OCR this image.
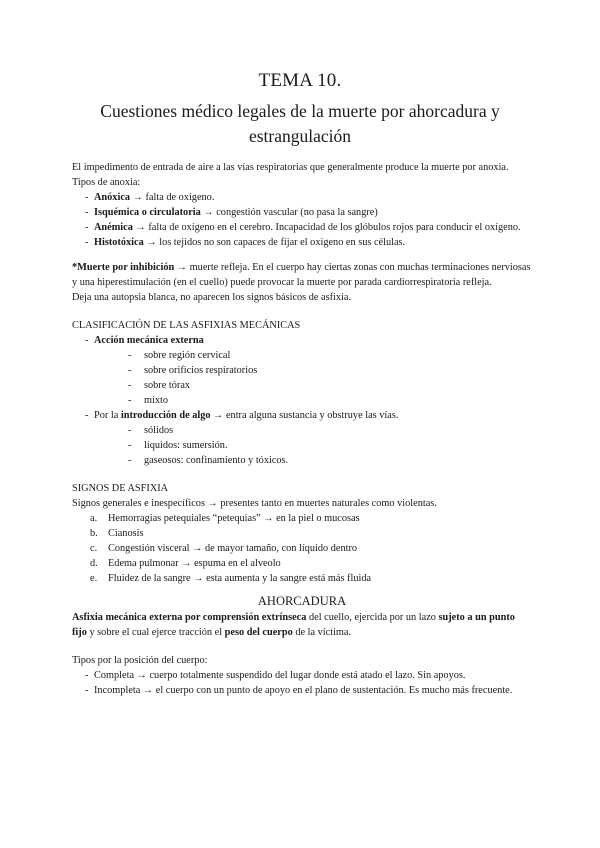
TEMA 10.
Cuestiones médico legales de la muerte por ahorcadura y estrangulación

El impedimento de entrada de aire a las vías respiratorias que generalmente produce la muerte por anoxia. Tipos de anoxia:

- Anóxica → falta de oxígeno.
- Isquémica o circulatoria → congestión vascular (no pasa la sangre)
- Anémica → falta de oxígeno en el cerebro. Incapacidad de los glóbulos rojos para conducir el oxígeno.
- Histotóxica → los tejidos no son capaces de fijar el oxígeno en sus células.

*Muerte por inhibición → muerte refleja. En el cuerpo hay ciertas zonas con muchas terminaciones nerviosas y una hiperestimulación (en el cuello) puede provocar la muerte por parada cardiorrespiratoria refleja.

Deja una autopsia blanca, no aparecen los signos básicos de asfixia.

CLASIFICACIÓN DE LAS ASFIXIAS MECÁNICAS

- Acción mecánica externa
- sobre región cervical
- sobre orificios respiratorios
- sobre tórax
- mixto
- Por la introducción de algo → entra alguna sustancia y obstruye las vías.
- sólidos
- líquidos: sumersión.
- gaseosos: confinamiento y tóxicos.

SIGNOS DE ASFIXIA

Signos generales e inespecíficos → presentes tanto en muertes naturales como violentas.

a. Hemorragias petequiales “petequias” → en la piel o mucosas
b. Cianosis
c. Congestión visceral → de mayor tamaño, con líquido dentro
d. Edema pulmonar → espuma en el alveolo
e. Fluidez de la sangre → esta aumenta y la sangre está más fluida
AHORCADURA

Asfixia mecánica externa por comprensión extrínseca del cuello, ejercida por un lazo sujeto a un punto fijo y sobre el cual ejerce tracción el peso del cuerpo de la víctima.

Tipos por la posición del cuerpo:

- Completa → cuerpo totalmente suspendido del lugar donde está atado el lazo. Sin apoyos.
- Incompleta → el cuerpo con un punto de apoyo en el plano de sustentación. Es mucho más frecuente.
